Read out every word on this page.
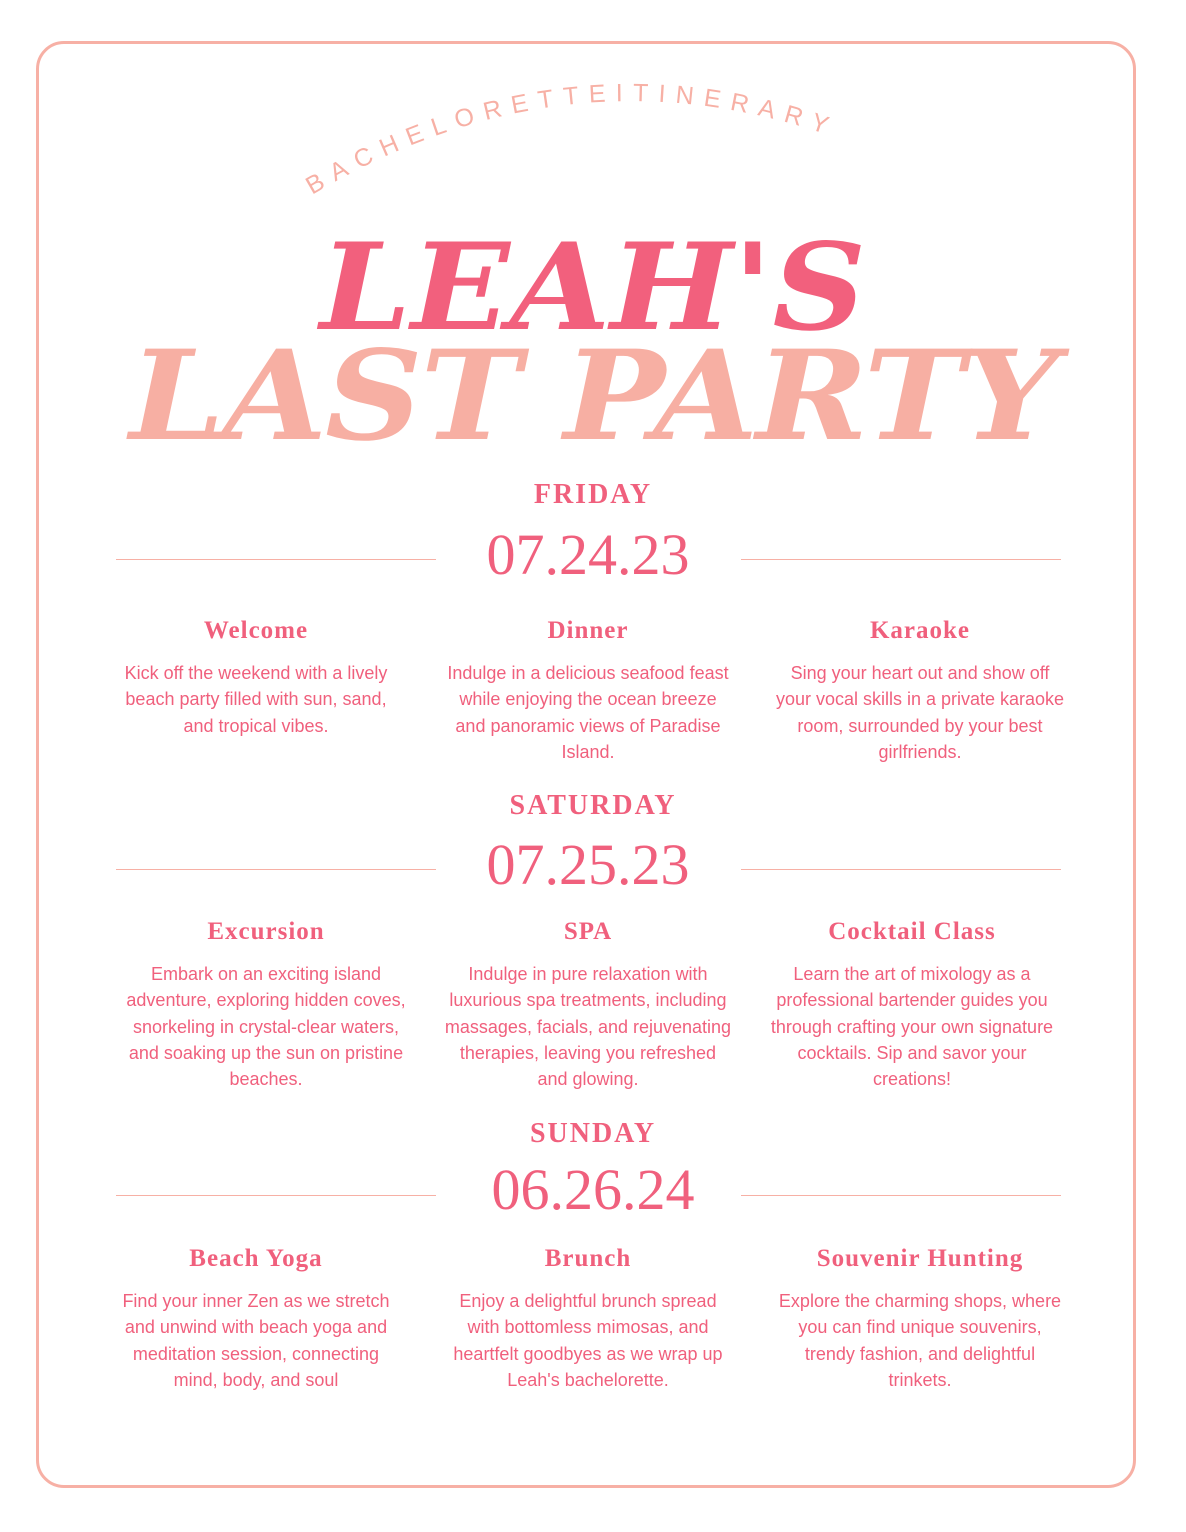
BACHELORETTEITINERARY
LEAH'S
LAST PARTY
FRIDAY
07.24.23

Welcome

Kick off the weekend with a lively beach party filled with sun, sand, and tropical vibes.

Dinner

Indulge in a delicious seafood feast while enjoying the ocean breeze and panoramic views of Paradise Island.

Karaoke

Sing your heart out and show off your vocal skills in a private karaoke room, surrounded by your best girlfriends.

SATURDAY
07.25.23

Excursion

Embark on an exciting island adventure, exploring hidden coves, snorkeling in crystal-clear waters, and soaking up the sun on pristine beaches.

SPA

Indulge in pure relaxation with luxurious spa treatments, including massages, facials, and rejuvenating therapies, leaving you refreshed and glowing.

Cocktail Class

Learn the art of mixology as a professional bartender guides you through crafting your own signature cocktails. Sip and savor your creations!

SUNDAY
06.26.24

Beach Yoga

Find your inner Zen as we stretch and unwind with beach yoga and meditation session, connecting mind, body, and soul

Brunch

Enjoy a delightful brunch spread with bottomless mimosas, and heartfelt goodbyes as we wrap up Leah's bachelorette.

Souvenir Hunting

Explore the charming shops, where you can find unique souvenirs, trendy fashion, and delightful trinkets.
